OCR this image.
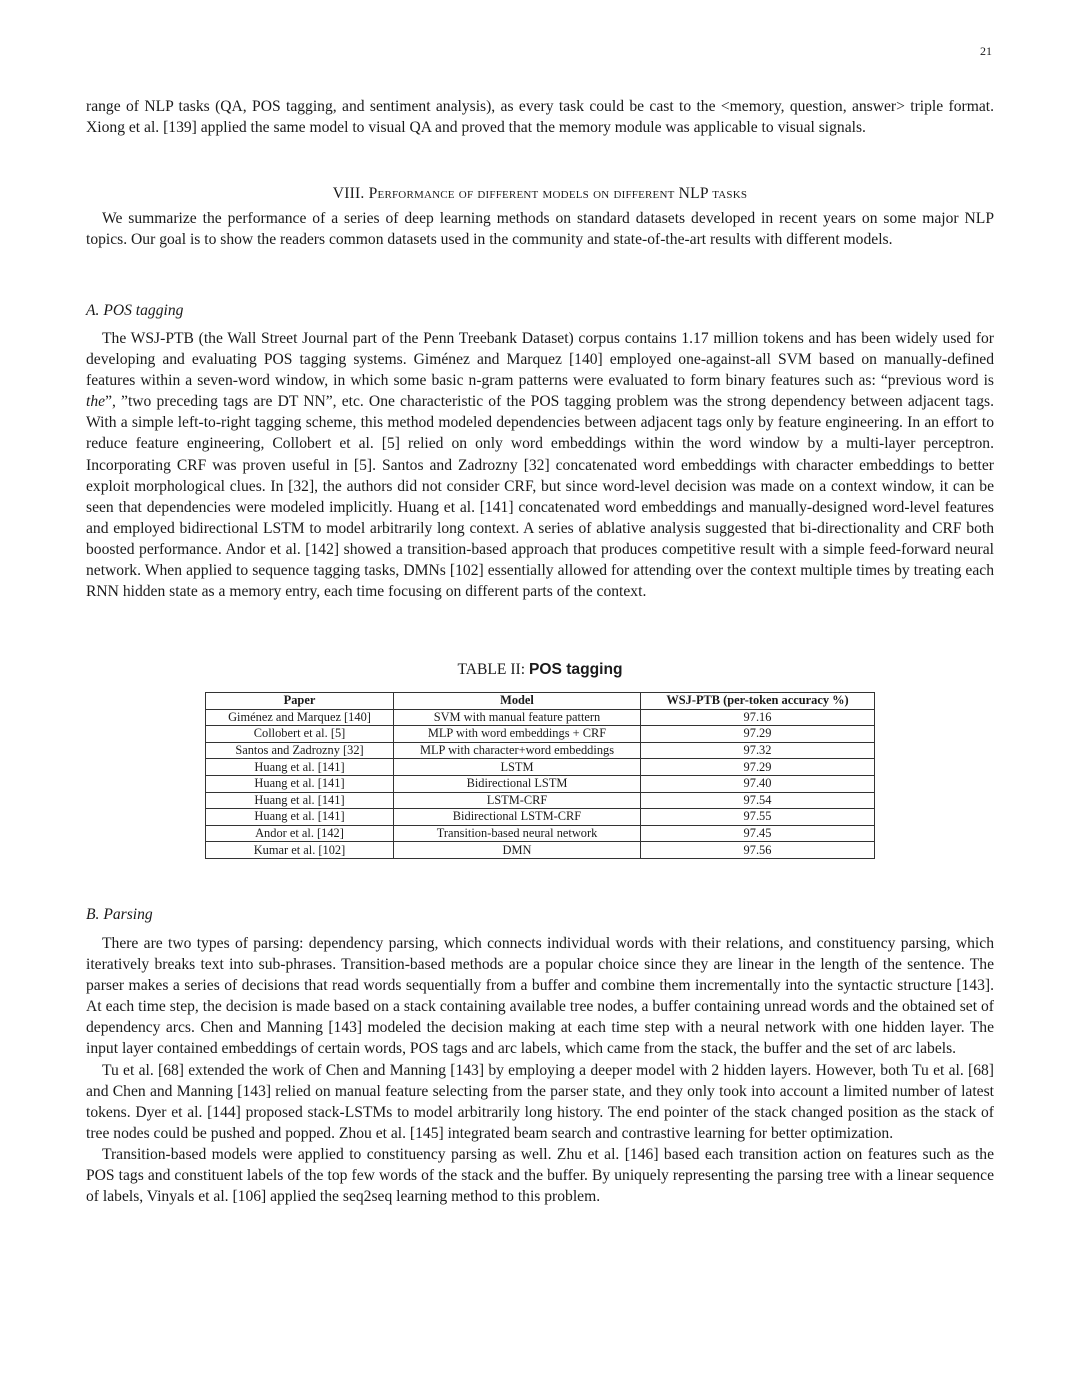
21

range of NLP tasks (QA, POS tagging, and sentiment analysis), as every task could be cast to the <memory, question, answer> triple format. Xiong et al. [139] applied the same model to visual QA and proved that the memory module was applicable to visual signals.

VIII. Performance of different models on different NLP tasks

We summarize the performance of a series of deep learning methods on standard datasets developed in recent years on some major NLP topics. Our goal is to show the readers common datasets used in the community and state-of-the-art results with different models.

A. POS tagging

The WSJ-PTB (the Wall Street Journal part of the Penn Treebank Dataset) corpus contains 1.17 million tokens and has been widely used for developing and evaluating POS tagging systems. Giménez and Marquez [140] employed one-against-all SVM based on manually-defined features within a seven-word window, in which some basic n-gram patterns were evaluated to form binary features such as: “previous word is the”, ”two preceding tags are DT NN”, etc. One characteristic of the POS tagging problem was the strong dependency between adjacent tags. With a simple left-to-right tagging scheme, this method modeled dependencies between adjacent tags only by feature engineering. In an effort to reduce feature engineering, Collobert et al. [5] relied on only word embeddings within the word window by a multi-layer perceptron. Incorporating CRF was proven useful in [5]. Santos and Zadrozny [32] concatenated word embeddings with character embeddings to better exploit morphological clues. In [32], the authors did not consider CRF, but since word-level decision was made on a context window, it can be seen that dependencies were modeled implicitly. Huang et al. [141] concatenated word embeddings and manually-designed word-level features and employed bidirectional LSTM to model arbitrarily long context. A series of ablative analysis suggested that bi-directionality and CRF both boosted performance. Andor et al. [142] showed a transition-based approach that produces competitive result with a simple feed-forward neural network. When applied to sequence tagging tasks, DMNs [102] essentially allowed for attending over the context multiple times by treating each RNN hidden state as a memory entry, each time focusing on different parts of the context.

TABLE II: POS tagging
Paper	Model	WSJ-PTB (per-token accuracy %)
Giménez and Marquez [140]	SVM with manual feature pattern	97.16
Collobert et al. [5]	MLP with word embeddings + CRF	97.29
Santos and Zadrozny [32]	MLP with character+word embeddings	97.32
Huang et al. [141]	LSTM	97.29
Huang et al. [141]	Bidirectional LSTM	97.40
Huang et al. [141]	LSTM-CRF	97.54
Huang et al. [141]	Bidirectional LSTM-CRF	97.55
Andor et al. [142]	Transition-based neural network	97.45
Kumar et al. [102]	DMN	97.56
B. Parsing

There are two types of parsing: dependency parsing, which connects individual words with their relations, and constituency parsing, which iteratively breaks text into sub-phrases. Transition-based methods are a popular choice since they are linear in the length of the sentence. The parser makes a series of decisions that read words sequentially from a buffer and combine them incrementally into the syntactic structure [143]. At each time step, the decision is made based on a stack containing available tree nodes, a buffer containing unread words and the obtained set of dependency arcs. Chen and Manning [143] modeled the decision making at each time step with a neural network with one hidden layer. The input layer contained embeddings of certain words, POS tags and arc labels, which came from the stack, the buffer and the set of arc labels.

Tu et al. [68] extended the work of Chen and Manning [143] by employing a deeper model with 2 hidden layers. However, both Tu et al. [68] and Chen and Manning [143] relied on manual feature selecting from the parser state, and they only took into account a limited number of latest tokens. Dyer et al. [144] proposed stack-LSTMs to model arbitrarily long history. The end pointer of the stack changed position as the stack of tree nodes could be pushed and popped. Zhou et al. [145] integrated beam search and contrastive learning for better optimization.

Transition-based models were applied to constituency parsing as well. Zhu et al. [146] based each transition action on features such as the POS tags and constituent labels of the top few words of the stack and the buffer. By uniquely representing the parsing tree with a linear sequence of labels, Vinyals et al. [106] applied the seq2seq learning method to this problem.
